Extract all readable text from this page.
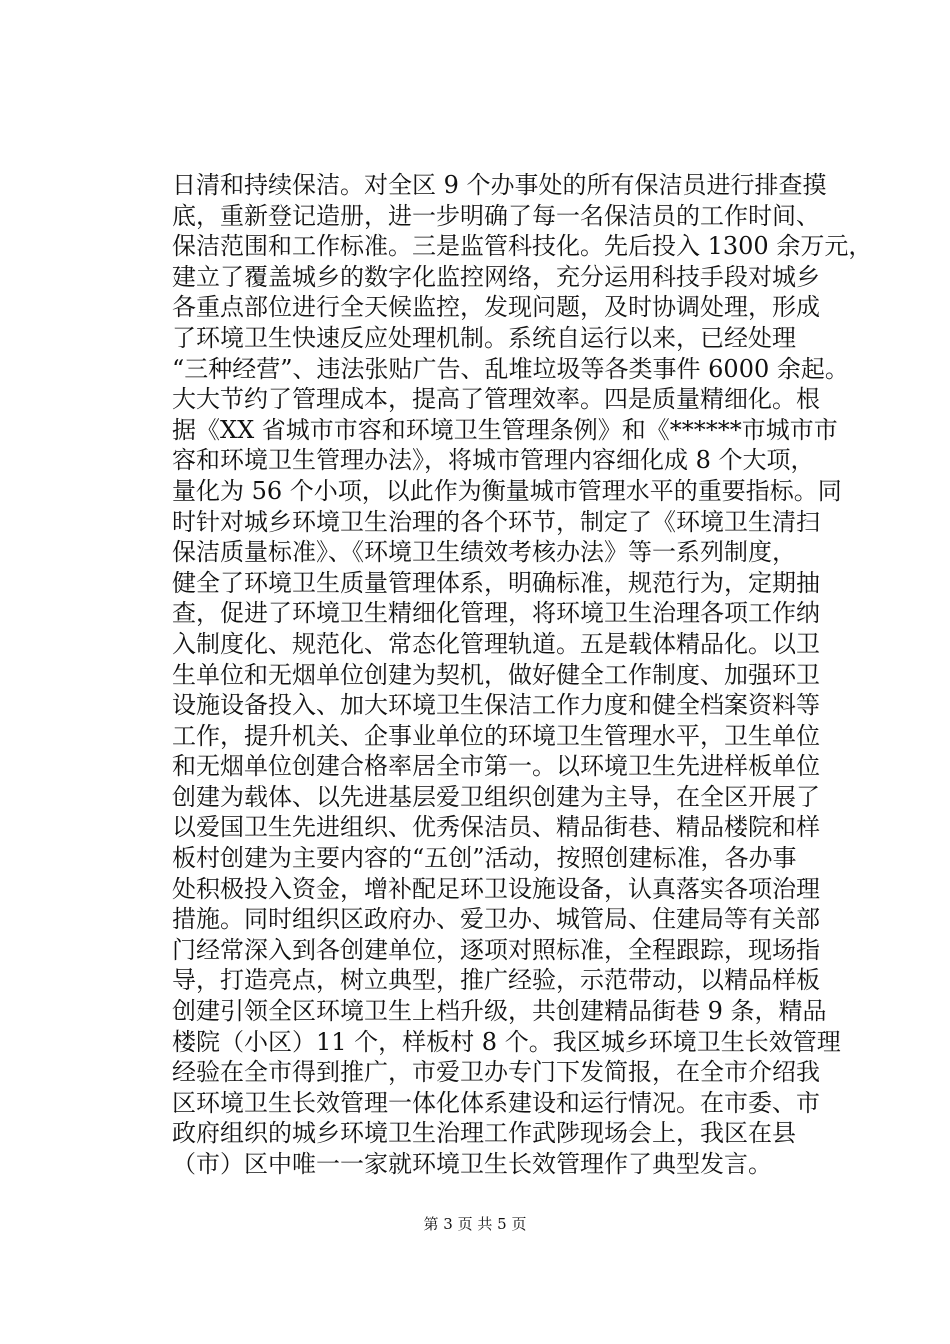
日清和持续保洁。对全区 9 个办事处的所有保洁员进行排查摸
底，重新登记造册，进一步明确了每一名保洁员的工作时间、
保洁范围和工作标准。三是监管科技化。先后投入 1300 余万元，
建立了覆盖城乡的数字化监控网络，充分运用科技手段对城乡
各重点部位进行全天候监控，发现问题，及时协调处理，形成
了环境卫生快速反应处理机制。系统自运行以来，已经处理
“三种经营”、违法张贴广告、乱堆垃圾等各类事件 6000 余起。
大大节约了管理成本，提高了管理效率。四是质量精细化。根
据《XX 省城市市容和环境卫生管理条例》和《******市城市市
容和环境卫生管理办法》，将城市管理内容细化成 8 个大项，
量化为 56 个小项，以此作为衡量城市管理水平的重要指标。同
时针对城乡环境卫生治理的各个环节，制定了《环境卫生清扫
保洁质量标准》、《环境卫生绩效考核办法》等一系列制度，
健全了环境卫生质量管理体系，明确标准，规范行为，定期抽
查，促进了环境卫生精细化管理，将环境卫生治理各项工作纳
入制度化、规范化、常态化管理轨道。五是载体精品化。以卫
生单位和无烟单位创建为契机，做好健全工作制度、加强环卫
设施设备投入、加大环境卫生保洁工作力度和健全档案资料等
工作，提升机关、企事业单位的环境卫生管理水平，卫生单位
和无烟单位创建合格率居全市第一。以环境卫生先进样板单位
创建为载体、以先进基层爱卫组织创建为主导，在全区开展了
以爱国卫生先进组织、优秀保洁员、精品街巷、精品楼院和样
板村创建为主要内容的“五创”活动，按照创建标准，各办事
处积极投入资金，增补配足环卫设施设备，认真落实各项治理
措施。同时组织区政府办、爱卫办、城管局、住建局等有关部
门经常深入到各创建单位，逐项对照标准，全程跟踪，现场指
导，打造亮点，树立典型，推广经验，示范带动，以精品样板
创建引领全区环境卫生上档升级，共创建精品街巷 9 条，精品
楼院（小区）11 个，样板村 8 个。我区城乡环境卫生长效管理
经验在全市得到推广，市爱卫办专门下发简报，在全市介绍我
区环境卫生长效管理一体化体系建设和运行情况。在市委、市
政府组织的城乡环境卫生治理工作武陟现场会上，我区在县
（市）区中唯一一家就环境卫生长效管理作了典型发言。
第 3 页 共 5 页
